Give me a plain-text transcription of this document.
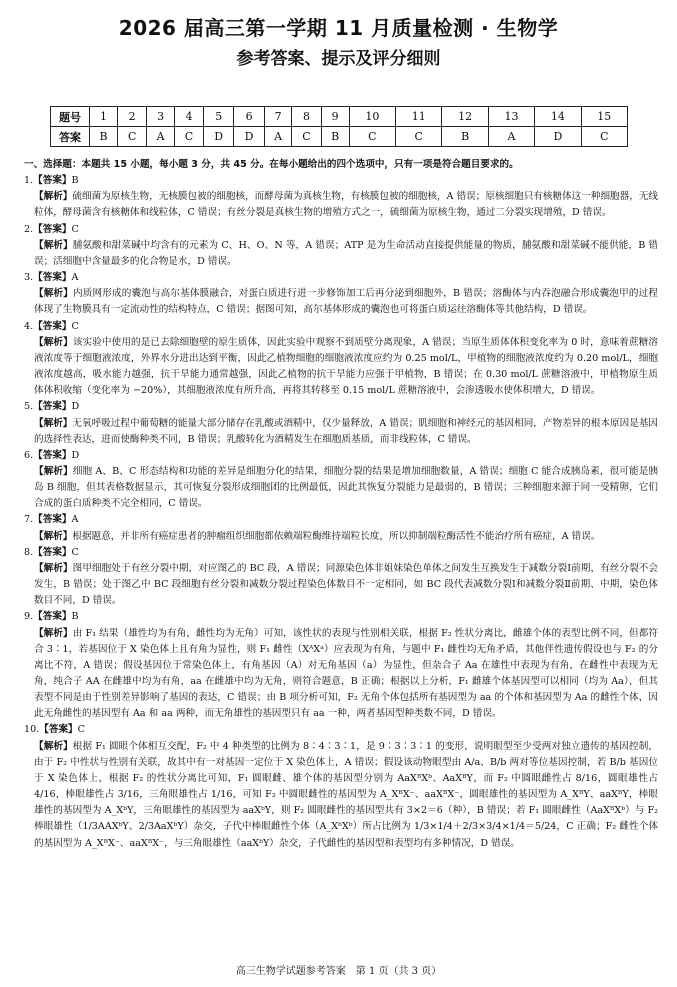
2026 届高三第一学期 11 月质量检测 · 生物学
参考答案、提示及评分细则
题号	1	2	3	4	5	6	7	8	9	10	11	12	13	14	15
答案	B	C	A	C	D	D	A	C	B	C	C	B	A	D	C
一、选择题：本题共 15 小题，每小题 3 分，共 45 分。在每小题给出的四个选项中，只有一项是符合题目要求的。

1.【答案】B

【解析】硫细菌为原核生物，无核膜包被的细胞核，而酵母菌为真核生物，有核膜包被的细胞核，A 错误；原核细胞只有核糖体这一种细胞器，无线粒体，酵母菌含有核糖体和线粒体，C 错误；有丝分裂是真核生物的增殖方式之一，硫细菌为原核生物，通过二分裂实现增殖，D 错误。

2.【答案】C

【解析】脯氨酸和甜菜碱中均含有的元素为 C、H、O、N 等，A 错误；ATP 是为生命活动直接提供能量的物质，脯氨酸和甜菜碱不能供能，B 错误；活细胞中含量最多的化合物是水，D 错误。

3.【答案】A

【解析】内质网形成的囊泡与高尔基体膜融合，对蛋白质进行进一步修饰加工后再分泌到细胞外，B 错误；溶酶体与内吞泡融合形成囊泡甲的过程体现了生物膜具有一定流动性的结构特点，C 错误；据图可知，高尔基体形成的囊泡也可将蛋白质运往溶酶体等其他结构，D 错误。

4.【答案】C

【解析】该实验中使用的是已去除细胞壁的原生质体，因此实验中观察不到质壁分离现象，A 错误；当原生质体体积变化率为 0 时，意味着蔗糖溶液浓度等于细胞液浓度，外界水分进出达到平衡，因此乙植物细胞的细胞液浓度应约为 0.25 mol/L，甲植物的细胞液浓度约为 0.20 mol/L，细胞液浓度越高，吸水能力越强，抗干旱能力通常越强，因此乙植物的抗干旱能力应强于甲植物，B 错误；在 0.30 mol/L 蔗糖溶液中，甲植物原生质体体积收缩（变化率为 −20%），其细胞液浓度有所升高，再将其转移至 0.15 mol/L 蔗糖溶液中，会渗透吸水使体积增大，D 错误。

5.【答案】D

【解析】无氧呼吸过程中葡萄糖的能量大部分储存在乳酸或酒精中，仅少量释放，A 错误；肌细胞和神经元的基因相同，产物差异的根本原因是基因的选择性表达，进而使酶种类不同，B 错误；乳酸转化为酒精发生在细胞质基质，而非线粒体，C 错误。

6.【答案】D

【解析】细胞 A、B、C 形态结构和功能的差异是细胞分化的结果，细胞分裂的结果是增加细胞数量，A 错误；细胞 C 能合成胰岛素，很可能是胰岛 B 细胞，但其表格数据显示，其可恢复分裂形成细胞团的比例最低，因此其恢复分裂能力是最弱的，B 错误；三种细胞来源于同一受精卵，它们合成的蛋白质种类不完全相同，C 错误。

7.【答案】A

【解析】根据题意，并非所有癌症患者的肿瘤组织细胞都依赖端粒酶维持端粒长度，所以抑制端粒酶活性不能治疗所有癌症，A 错误。

8.【答案】C

【解析】图甲细胞处于有丝分裂中期，对应图乙的 BC 段，A 错误；同源染色体非姐妹染色单体之间发生互换发生于减数分裂Ⅰ前期，有丝分裂不会发生，B 错误；处于图乙中 BC 段细胞有丝分裂和减数分裂过程染色体数目不一定相同，如 BC 段代表减数分裂Ⅰ和减数分裂Ⅱ前期、中期，染色体数目不同，D 错误。

9.【答案】B

【解析】由 F₁ 结果（雄性均为有角，雌性均为无角）可知，该性状的表现与性别相关联，根据 F₂ 性状分离比，雌雄个体的表型比例不同，但都符合 3∶1，若基因位于 X 染色体上且有角为显性，则 F₁ 雌性（XᴬXᵃ）应表现为有角，与题中 F₁ 雌性均无角矛盾，其他伴性遗传假设也与 F₂ 的分离比不符，A 错误；假设基因位于常染色体上，有角基因（A）对无角基因（a）为显性，但杂合子 Aa 在雄性中表现为有角，在雌性中表现为无角，纯合子 AA 在雌雄中均为有角，aa 在雌雄中均为无角，则符合题意，B 正确；根据以上分析，F₁ 雌雄个体基因型可以相同（均为 Aa），但其表型不同是由于性别差异影响了基因的表达，C 错误；由 B 项分析可知，F₂ 无角个体包括所有基因型为 aa 的个体和基因型为 Aa 的雌性个体，因此无角雌性的基因型有 Aa 和 aa 两种，而无角雄性的基因型只有 aa 一种，两者基因型种类数不同，D 错误。

10.【答案】C

【解析】根据 F₁ 圆眼个体相互交配，F₂ 中 4 种类型的比例为 8∶4∶3∶1，是 9∶3∶3∶1 的变形，说明眼型至少受两对独立遗传的基因控制，由于 F₂ 中性状与性别有关联，故其中有一对基因一定位于 X 染色体上，A 错误；假设该动物眼型由 A/a、B/b 两对等位基因控制，若 B/b 基因位于 X 染色体上，根据 F₂ 的性状分离比可知，F₁ 圆眼雌、雄个体的基因型分别为 AaXᴮXᵇ、AaXᴮY，而 F₂ 中圆眼雌性占 8/16，圆眼雄性占 4/16，棒眼雄性占 3/16，三角眼雄性占 1/16，可知 F₂ 中圆眼雌性的基因型为 A_XᴮX⁻、aaXᴮX⁻，圆眼雄性的基因型为 A_XᴮY、aaXᴮY，棒眼雄性的基因型为 A_XᵇY，三角眼雄性的基因型为 aaXᵇY，则 F₂ 圆眼雌性的基因型共有 3×2＝6（种），B 错误；若 F₁ 圆眼雌性（AaXᴮXᵇ）与 F₂ 棒眼雄性（1/3AAXᵇY、2/3AaXᵇY）杂交，子代中棒眼雌性个体（A_XᵇXᵇ）所占比例为 1/3×1/4＋2/3×3/4×1/4＝5/24，C 正确；F₂ 雌性个体的基因型为 A_XᴮX⁻、aaXᴮX⁻，与三角眼雄性（aaXᵇY）杂交，子代雌性的基因型和表型均有多种情况，D 错误。

高三生物学试题参考答案　第 1 页（共 3 页）
